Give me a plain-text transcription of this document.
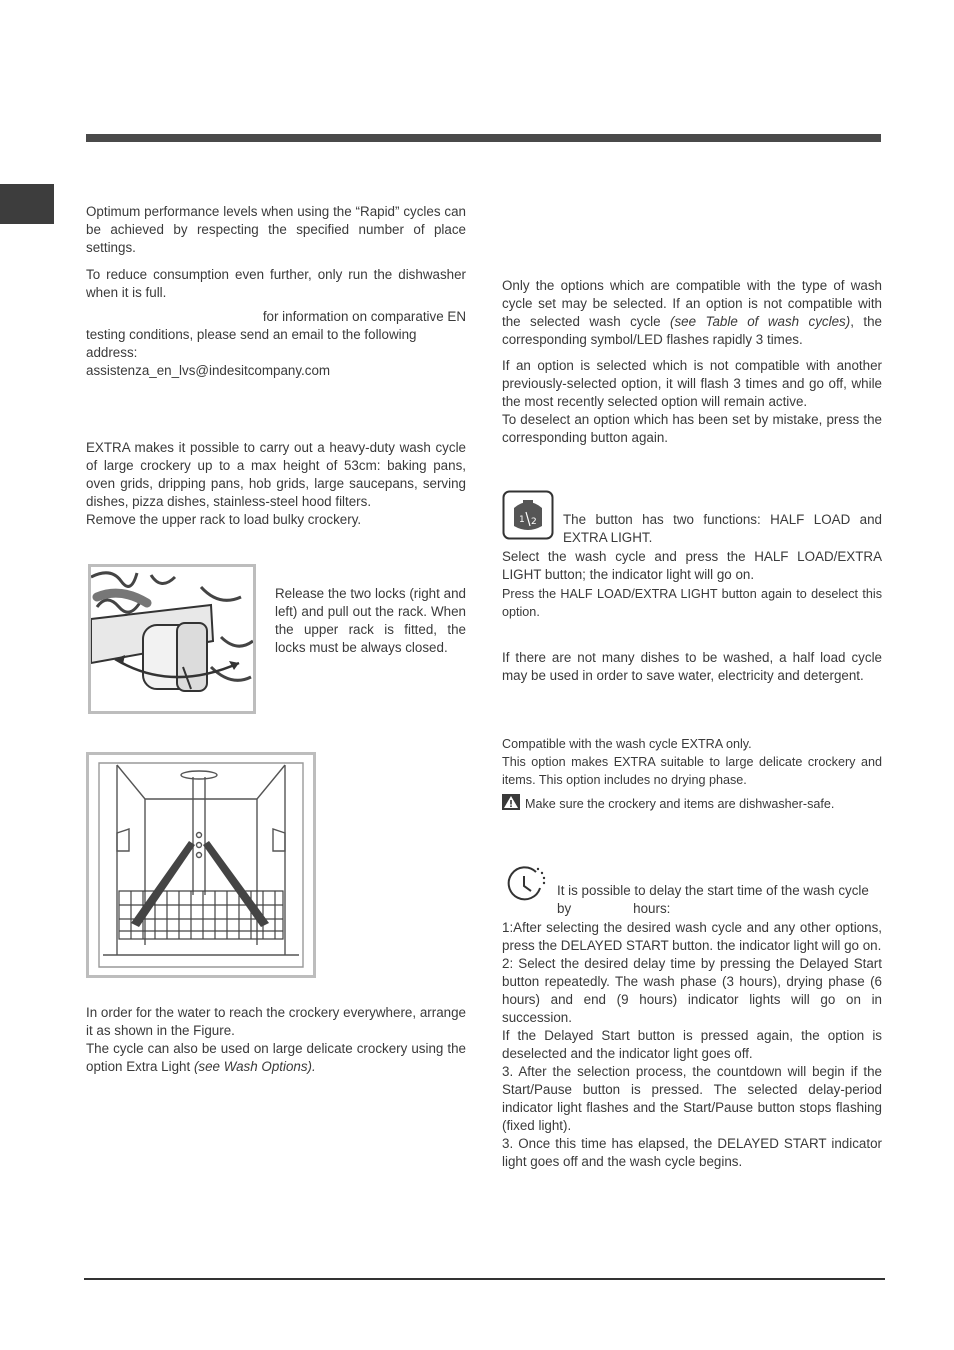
Optimum performance levels when using the “Rapid” cycles can be achieved by respecting the specified number of place settings.

To reduce consumption even further, only run the dishwasher when it is full.

for information on comparative EN

testing conditions, please send an email to the following address:

assistenza_en_lvs@indesitcompany.com

EXTRA makes it possible to carry out a heavy-duty wash cycle of large crockery up to a max height of 53cm: baking pans, oven grids, dripping pans, hob grids, large saucepans, serving dishes, pizza dishes, stainless-steel hood filters.

Remove the upper rack to load bulky crockery.

Release the two locks (right and left) and pull out the rack. When the upper rack is fitted, the locks must be always closed.

In order for the water to reach the crockery everywhere, arrange it as shown in the Figure.

The cycle can also be used on large delicate crockery using the option Extra Light (see Wash Options).

Only the options which are compatible with the type of wash cycle set may be selected. If an option is not compatible with the selected wash cycle (see Table of wash cycles), the corresponding symbol/LED flashes rapidly 3 times.

If an option is selected which is not compatible with another previously-selected option, it will flash 3 times and go off, while the most recently selected option will remain active.

To deselect an option which has been set by mistake, press the corresponding button again.

1 2 The button has two functions: HALF LOAD and EXTRA LIGHT.

Select the wash cycle and press the HALF LOAD/EXTRA LIGHT button; the indicator light will go on.

Press the HALF LOAD/EXTRA LIGHT button again to deselect this option.

If there are not many dishes to be washed, a half load cycle may be used in order to save water, electricity and detergent.

Compatible with the wash cycle EXTRA only.

This option makes EXTRA suitable to large delicate crockery and items. This option includes no drying phase.

Make sure the crockery and items are dishwasher-safe.

It is possible to delay the start time of the wash cycle

by	hours:

1:After selecting the desired wash cycle and any other options, press the DELAYED START button. the indicator light will go on.

2: Select the desired delay time by pressing the Delayed Start button repeatedly. The wash phase (3 hours), drying phase (6 hours) and end (9 hours) indicator lights will go on in succession.

If the Delayed Start button is pressed again, the option is deselected and the indicator light goes off.

3. After the selection process, the countdown will begin if the Start/Pause button is pressed. The selected delay-period indicator light flashes and the Start/Pause button stops flashing (fixed light).

3. Once this time has elapsed, the DELAYED START indicator light goes off and the wash cycle begins.
